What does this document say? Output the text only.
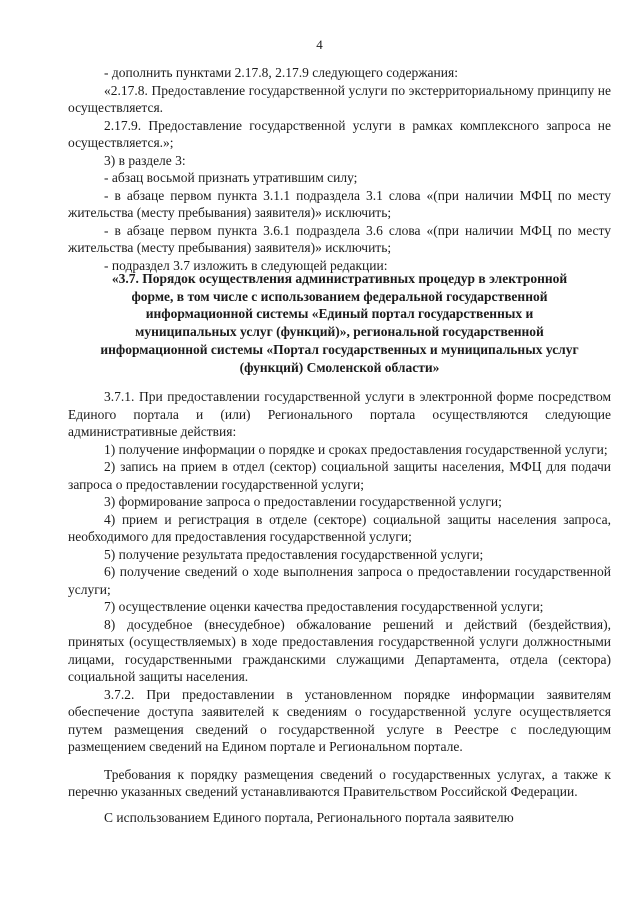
4

- дополнить пунктами 2.17.8, 2.17.9 следующего содержания:

«2.17.8. Предоставление государственной услуги по экстерриториальному принципу не осуществляется.

2.17.9. Предоставление государственной услуги в рамках комплексного запроса не осуществляется.»;

3) в разделе 3:

- абзац восьмой признать утратившим силу;

- в абзаце первом пункта 3.1.1 подраздела 3.1 слова «(при наличии МФЦ по месту жительства (месту пребывания) заявителя)» исключить;

- в абзаце первом пункта 3.6.1 подраздела 3.6 слова «(при наличии МФЦ по месту жительства (месту пребывания) заявителя)» исключить;

- подраздел 3.7 изложить в следующей редакции:

«3.7. Порядок осуществления административных процедур в электронной
форме, в том числе с использованием федеральной государственной
информационной системы «Единый портал государственных и
муниципальных услуг (функций)», региональной государственной
информационной системы «Портал государственных и муниципальных услуг
(функций) Смоленской области»

3.7.1. При предоставлении государственной услуги в электронной форме посредством Единого портала и (или) Регионального портала осуществляются следующие административные действия:

1) получение информации о порядке и сроках предоставления государственной услуги;

2) запись на прием в отдел (сектор) социальной защиты населения, МФЦ для подачи запроса о предоставлении государственной услуги;

3) формирование запроса о предоставлении государственной услуги;

4) прием и регистрация в отделе (секторе) социальной защиты населения запроса, необходимого для предоставления государственной услуги;

5) получение результата предоставления государственной услуги;

6) получение сведений о ходе выполнения запроса о предоставлении государственной услуги;

7) осуществление оценки качества предоставления государственной услуги;

8) досудебное (внесудебное) обжалование решений и действий (бездействия), принятых (осуществляемых) в ходе предоставления государственной услуги должностными лицами, государственными гражданскими служащими Департамента, отдела (сектора) социальной защиты населения.

3.7.2. При предоставлении в установленном порядке информации заявителям обеспечение доступа заявителей к сведениям о государственной услуге осуществляется путем размещения сведений о государственной услуге в Реестре с последующим размещением сведений на Едином портале и Региональном портале.

Требования к порядку размещения сведений о государственных услугах, а также к перечню указанных сведений устанавливаются Правительством Российской Федерации.

С использованием Единого портала, Регионального портала заявителю
